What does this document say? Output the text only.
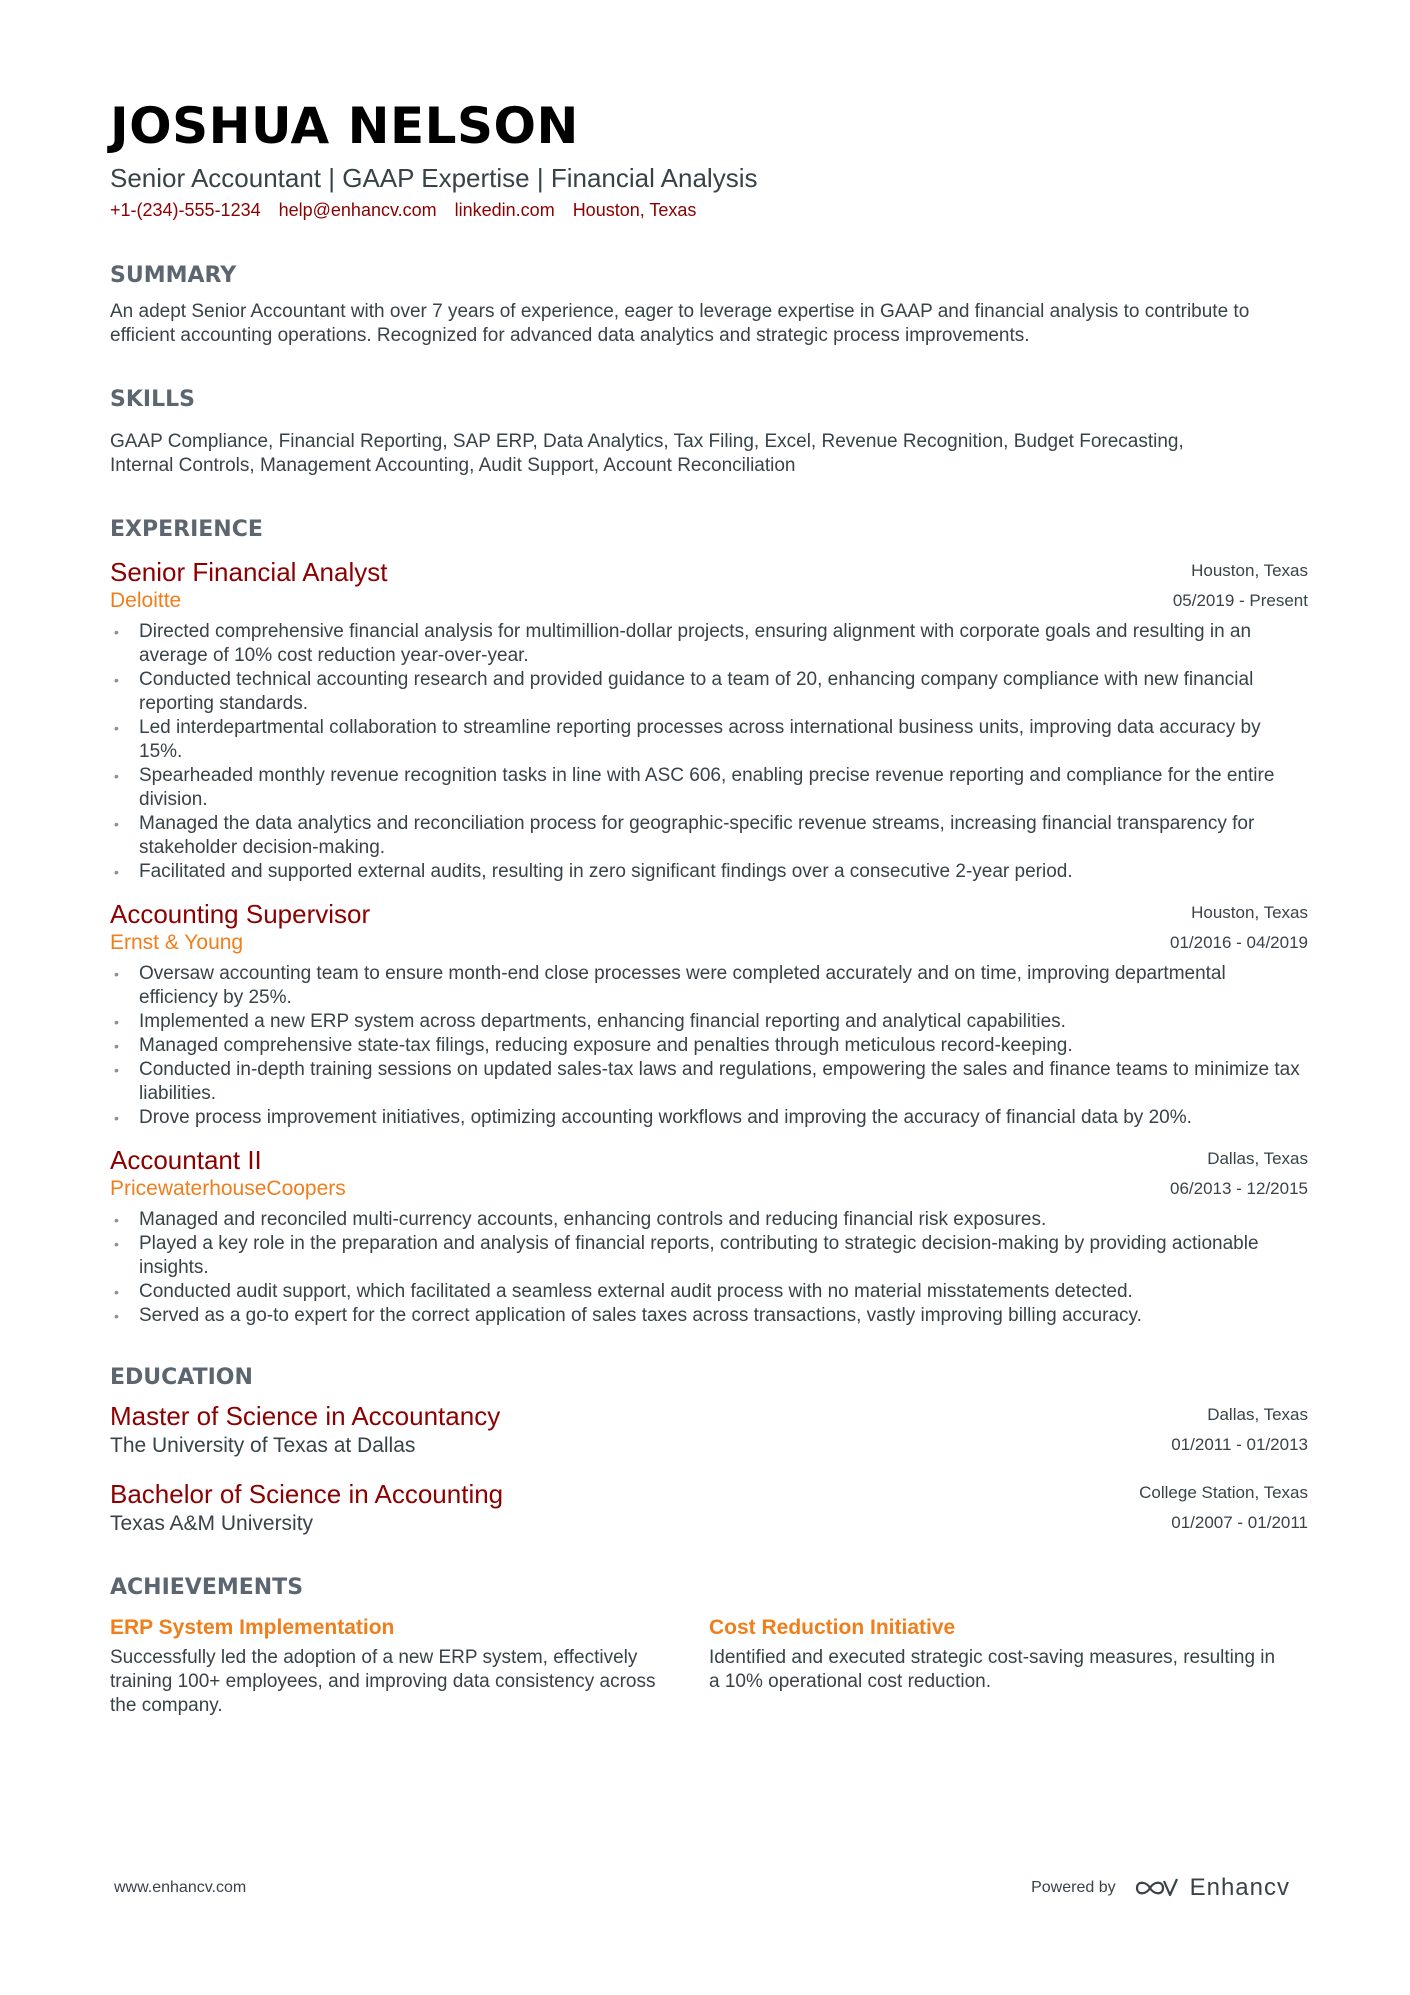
JOSHUA NELSON
Senior Accountant | GAAP Expertise | Financial Analysis
+1-(234)-555-1234 help@enhancv.com linkedin.com Houston, Texas
SUMMARY
An adept Senior Accountant with over 7 years of experience, eager to leverage expertise in GAAP and financial analysis to contribute to efficient accounting operations. Recognized for advanced data analytics and strategic process improvements.
SKILLS
GAAP Compliance, Financial Reporting, SAP ERP, Data Analytics, Tax Filing, Excel, Revenue Recognition, Budget Forecasting, Internal Controls, Management Accounting, Audit Support, Account Reconciliation
EXPERIENCE
Senior Financial Analyst
Deloitte
Houston, Texas
05/2019 - Present
• Directed comprehensive financial analysis for multimillion-dollar projects, ensuring alignment with corporate goals and resulting in an average of 10% cost reduction year-over-year.
• Conducted technical accounting research and provided guidance to a team of 20, enhancing company compliance with new financial reporting standards.
• Led interdepartmental collaboration to streamline reporting processes across international business units, improving data accuracy by 15%.
• Spearheaded monthly revenue recognition tasks in line with ASC 606, enabling precise revenue reporting and compliance for the entire division.
• Managed the data analytics and reconciliation process for geographic-specific revenue streams, increasing financial transparency for stakeholder decision-making.
• Facilitated and supported external audits, resulting in zero significant findings over a consecutive 2-year period.
Accounting Supervisor
Ernst & Young
Houston, Texas
01/2016 - 04/2019
• Oversaw accounting team to ensure month-end close processes were completed accurately and on time, improving departmental efficiency by 25%.
• Implemented a new ERP system across departments, enhancing financial reporting and analytical capabilities.
• Managed comprehensive state-tax filings, reducing exposure and penalties through meticulous record-keeping.
• Conducted in-depth training sessions on updated sales-tax laws and regulations, empowering the sales and finance teams to minimize tax liabilities.
• Drove process improvement initiatives, optimizing accounting workflows and improving the accuracy of financial data by 20%.
Accountant II
PricewaterhouseCoopers
Dallas, Texas
06/2013 - 12/2015
• Managed and reconciled multi-currency accounts, enhancing controls and reducing financial risk exposures.
• Played a key role in the preparation and analysis of financial reports, contributing to strategic decision-making by providing actionable insights.
• Conducted audit support, which facilitated a seamless external audit process with no material misstatements detected.
• Served as a go-to expert for the correct application of sales taxes across transactions, vastly improving billing accuracy.
EDUCATION
Master of Science in Accountancy
The University of Texas at Dallas
Dallas, Texas
01/2011 - 01/2013
Bachelor of Science in Accounting
Texas A&M University
College Station, Texas
01/2007 - 01/2011
ACHIEVEMENTS
ERP System Implementation
Successfully led the adoption of a new ERP system, effectively training 100+ employees, and improving data consistency across the company.
Cost Reduction Initiative
Identified and executed strategic cost-saving measures, resulting in a 10% operational cost reduction.
www.enhancv.com	Powered by	Enhancv
